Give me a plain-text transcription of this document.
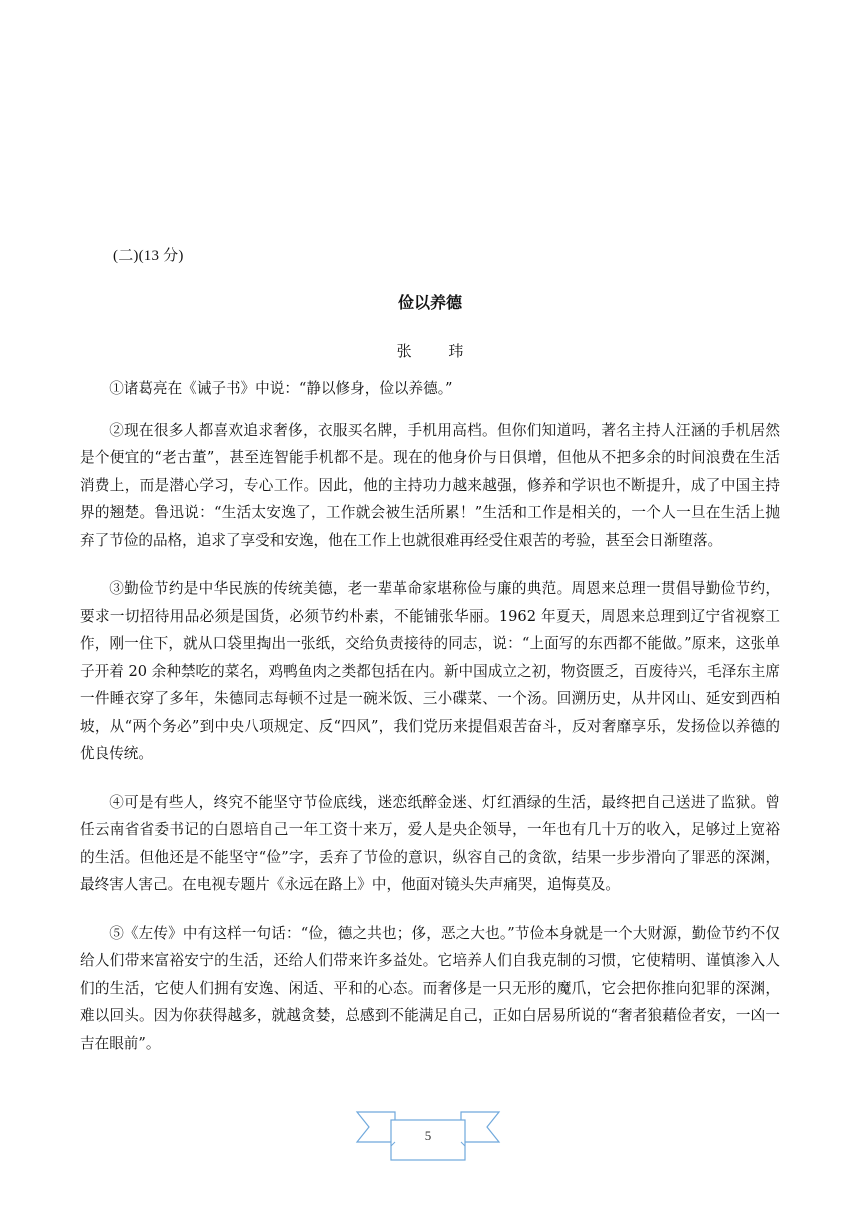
(二)(13 分)
俭以养德
张 玮

①诸葛亮在《诫子书》中说：“静以修身，俭以养德。”

②现在很多人都喜欢追求奢侈，衣服买名牌，手机用高档。但你们知道吗，著名主持人汪涵的手机居然是个便宜的“老古董”，甚至连智能手机都不是。现在的他身价与日俱增，但他从不把多余的时间浪费在生活消费上，而是潜心学习，专心工作。因此，他的主持功力越来越强，修养和学识也不断提升，成了中国主持界的翘楚。鲁迅说：“生活太安逸了，工作就会被生活所累！”生活和工作是相关的，一个人一旦在生活上抛弃了节俭的品格，追求了享受和安逸，他在工作上也就很难再经受住艰苦的考验，甚至会日渐堕落。

③勤俭节约是中华民族的传统美德，老一辈革命家堪称俭与廉的典范。周恩来总理一贯倡导勤俭节约，要求一切招待用品必须是国货，必须节约朴素，不能铺张华丽。1962 年夏天，周恩来总理到辽宁省视察工作，刚一住下，就从口袋里掏出一张纸，交给负责接待的同志，说：“上面写的东西都不能做。”原来，这张单子开着 20 余种禁吃的菜名，鸡鸭鱼肉之类都包括在内。新中国成立之初，物资匮乏，百废待兴，毛泽东主席一件睡衣穿了多年，朱德同志每顿不过是一碗米饭、三小碟菜、一个汤。回溯历史，从井冈山、延安到西柏坡，从“两个务必”到中央八项规定、反“四风”，我们党历来提倡艰苦奋斗，反对奢靡享乐，发扬俭以养德的优良传统。

④可是有些人，终究不能坚守节俭底线，迷恋纸醉金迷、灯红酒绿的生活，最终把自己送进了监狱。曾任云南省省委书记的白恩培自己一年工资十来万，爱人是央企领导，一年也有几十万的收入，足够过上宽裕的生活。但他还是不能坚守“俭”字，丢弃了节俭的意识，纵容自己的贪欲，结果一步步滑向了罪恶的深渊，最终害人害己。在电视专题片《永远在路上》中，他面对镜头失声痛哭，追悔莫及。

⑤《左传》中有这样一句话：“俭，德之共也；侈，恶之大也。”节俭本身就是一个大财源，勤俭节约不仅给人们带来富裕安宁的生活，还给人们带来许多益处。它培养人们自我克制的习惯，它使精明、谨慎渗入人们的生活，它使人们拥有安逸、闲适、平和的心态。而奢侈是一只无形的魔爪，它会把你推向犯罪的深渊，难以回头。因为你获得越多，就越贪婪，总感到不能满足自己，正如白居易所说的“奢者狼藉俭者安，一凶一吉在眼前”。

5
